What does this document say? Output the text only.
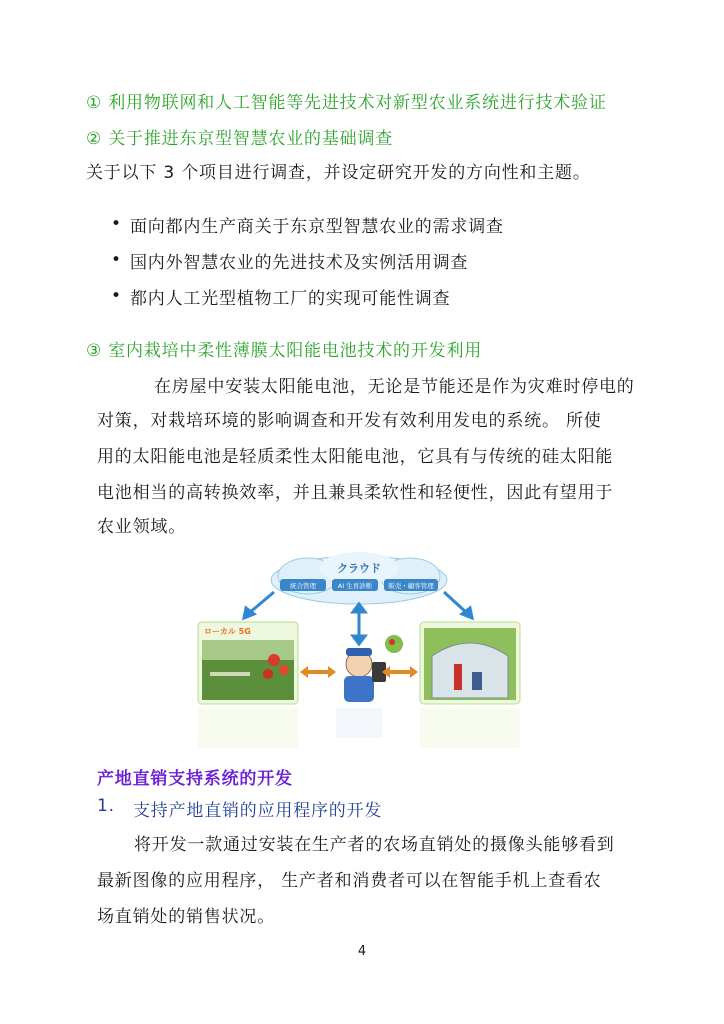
① 利用物联网和人工智能等先进技术对新型农业系统进行技术验证
② 关于推进东京型智慧农业的基础调查
关于以下 3 个项目进行调查，并设定研究开发的方向性和主题。
• 面向都内生产商关于东京型智慧农业的需求调查
• 国内外智慧农业的先进技术及实例活用调查
• 都内人工光型植物工厂的实现可能性调查
③ 室内栽培中柔性薄膜太阳能电池技术的开发利用
在房屋中安装太阳能电池，无论是节能还是作为灾难时停电的
对策，对栽培环境的影响调查和开发有效利用发电的系统。 所使
用的太阳能电池是轻质柔性太阳能电池，它具有与传统的硅太阳能
电池相当的高转换效率，并且兼具柔软性和轻便性，因此有望用于
农业领域。
クラウド
統合管理	AI 生育診断 販売・顧客管理
ローカル 5G
产地直销支持系统的开发
1. 支持产地直销的应用程序的开发
将开发一款通过安装在生产者的农场直销处的摄像头能够看到
最新图像的应用程序， 生产者和消费者可以在智能手机上查看农
场直销处的销售状况。
4
